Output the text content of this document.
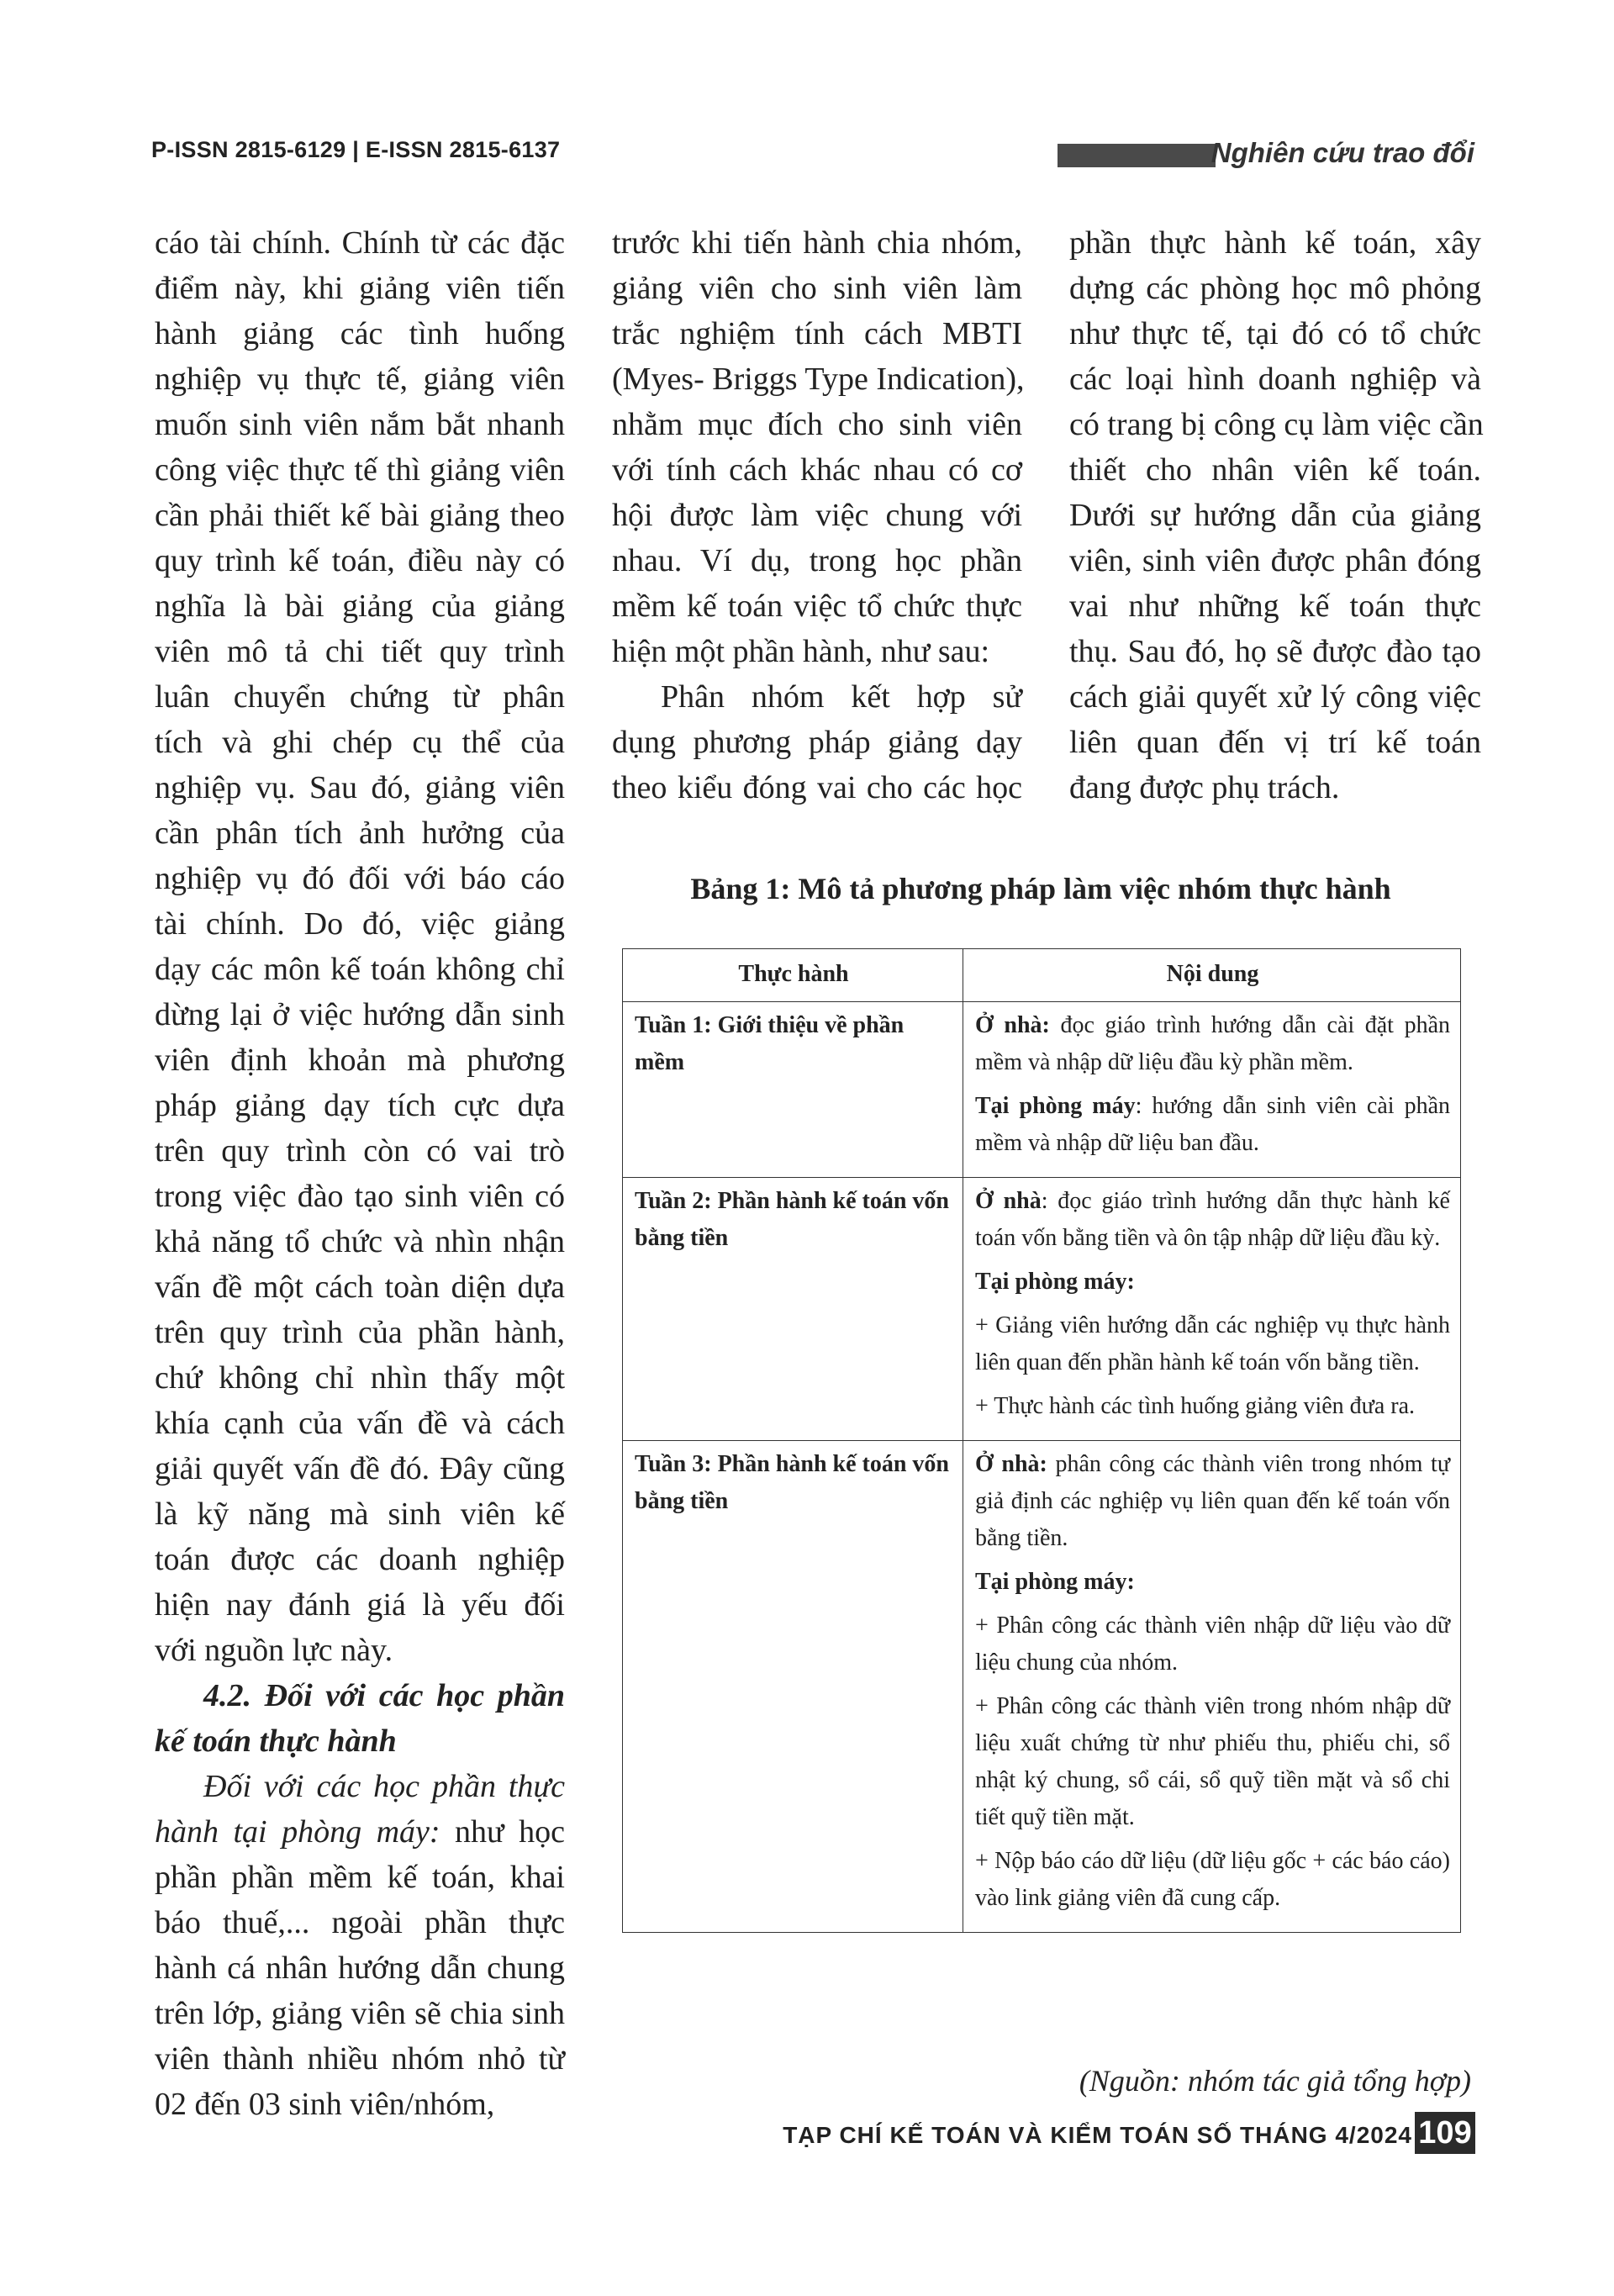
P-ISSN 2815-6129 | E-ISSN 2815-6137	Nghiên cứu trao đổi
cáo tài chính. Chính từ các đặc
điểm này, khi giảng viên tiến
hành giảng các tình huống
nghiệp vụ thực tế, giảng viên
muốn sinh viên nắm bắt nhanh
công việc thực tế thì giảng viên
cần phải thiết kế bài giảng theo
quy trình kế toán, điều này có
nghĩa là bài giảng của giảng
viên mô tả chi tiết quy trình
luân chuyển chứng từ phân
tích và ghi chép cụ thể của
nghiệp vụ. Sau đó, giảng viên
cần phân tích ảnh hưởng của
nghiệp vụ đó đối với báo cáo
tài chính. Do đó, việc giảng
dạy các môn kế toán không chỉ
dừng lại ở việc hướng dẫn sinh
viên định khoản mà phương
pháp giảng dạy tích cực dựa
trên quy trình còn có vai trò
trong việc đào tạo sinh viên có
khả năng tổ chức và nhìn nhận
vấn đề một cách toàn diện dựa
trên quy trình của phần hành,
chứ không chỉ nhìn thấy một
khía cạnh của vấn đề và cách
giải quyết vấn đề đó. Đây cũng
là kỹ năng mà sinh viên kế
toán được các doanh nghiệp
hiện nay đánh giá là yếu đối
với nguồn lực này.
4.2. Đối với các học phần
kế toán thực hành
Đối với các học phần thực
hành tại phòng máy: như học
phần phần mềm kế toán, khai
báo thuế,... ngoài phần thực
hành cá nhân hướng dẫn chung
trên lớp, giảng viên sẽ chia sinh
viên thành nhiều nhóm nhỏ từ
02 đến 03 sinh viên/nhóm,
trước khi tiến hành chia nhóm,
giảng viên cho sinh viên làm
trắc nghiệm tính cách MBTI
(Myes- Briggs Type Indication),
nhằm mục đích cho sinh viên
với tính cách khác nhau có cơ
hội được làm việc chung với
nhau. Ví dụ, trong học phần
mềm kế toán việc tổ chức thực
hiện một phần hành, như sau:
Phân nhóm kết hợp sử
dụng phương pháp giảng dạy
theo kiểu đóng vai cho các học
phần thực hành kế toán, xây
dựng các phòng học mô phỏng
như thực tế, tại đó có tổ chức
các loại hình doanh nghiệp và
có trang bị công cụ làm việc cần
thiết cho nhân viên kế toán.
Dưới sự hướng dẫn của giảng
viên, sinh viên được phân đóng
vai như những kế toán thực
thụ. Sau đó, họ sẽ được đào tạo
cách giải quyết xử lý công việc
liên quan đến vị trí kế toán
đang được phụ trách.
Bảng 1: Mô tả phương pháp làm việc nhóm thực hành
Thực hành	Nội dung
Tuần 1: Giới thiệu về phần mềm	Ở nhà: đọc giáo trình hướng dẫn cài đặt phần mềm và nhập dữ liệu đầu kỳ phần mềm.

Tại phòng máy: hướng dẫn sinh viên cài phần mềm và nhập dữ liệu ban đầu.

Tuần 2: Phần hành kế toán vốn bằng tiền	Ở nhà: đọc giáo trình hướng dẫn thực hành kế toán vốn bằng tiền và ôn tập nhập dữ liệu đầu kỳ.

Tại phòng máy:

+ Giảng viên hướng dẫn các nghiệp vụ thực hành liên quan đến phần hành kế toán vốn bằng tiền.

+ Thực hành các tình huống giảng viên đưa ra.

Tuần 3: Phần hành kế toán vốn bằng tiền	Ở nhà: phân công các thành viên trong nhóm tự giả định các nghiệp vụ liên quan đến kế toán vốn bằng tiền.

Tại phòng máy:

+ Phân công các thành viên nhập dữ liệu vào dữ liệu chung của nhóm.

+ Phân công các thành viên trong nhóm nhập dữ liệu xuất chứng từ như phiếu thu, phiếu chi, sổ nhật ký chung, sổ cái, sổ quỹ tiền mặt và sổ chi tiết quỹ tiền mặt.

+ Nộp báo cáo dữ liệu (dữ liệu gốc + các báo cáo) vào link giảng viên đã cung cấp.

(Nguồn: nhóm tác giả tổng hợp)
TẠP CHÍ KẾ TOÁN VÀ KIỂM TOÁN SỐ THÁNG 4/2024 109
